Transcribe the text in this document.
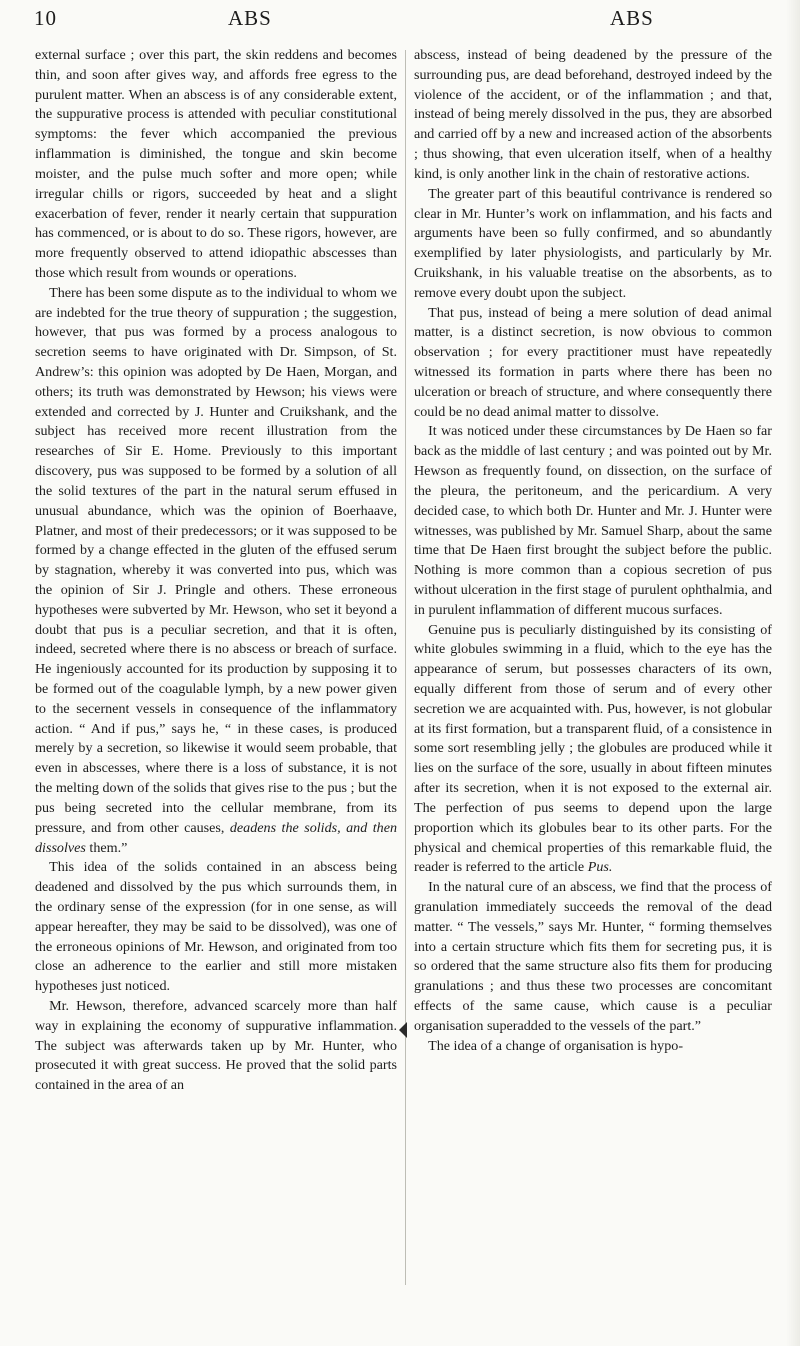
10	ABS	ABS

external surface ; over this part, the skin reddens and becomes thin, and soon after gives way, and affords free egress to the purulent matter. When an abscess is of any considerable extent, the suppurative process is attended with peculiar constitutional symptoms: the fever which accompanied the previous inflammation is diminished, the tongue and skin become moister, and the pulse much softer and more open; while irregular chills or rigors, succeeded by heat and a slight exacerbation of fever, render it nearly certain that suppuration has commenced, or is about to do so. These rigors, however, are more frequently observed to attend idiopathic abscesses than those which result from wounds or operations.

There has been some dispute as to the individual to whom we are indebted for the true theory of suppuration ; the suggestion, however, that pus was formed by a process analogous to secretion seems to have originated with Dr. Simpson, of St. Andrew’s: this opinion was adopted by De Haen, Morgan, and others; its truth was demonstrated by Hewson; his views were extended and corrected by J. Hunter and Cruikshank, and the subject has received more recent illustration from the researches of Sir E. Home. Previously to this important discovery, pus was supposed to be formed by a solution of all the solid textures of the part in the natural serum effused in unusual abundance, which was the opinion of Boerhaave, Platner, and most of their predecessors; or it was supposed to be formed by a change effected in the gluten of the effused serum by stagnation, whereby it was converted into pus, which was the opinion of Sir J. Pringle and others. These erroneous hypotheses were subverted by Mr. Hewson, who set it beyond a doubt that pus is a peculiar secretion, and that it is often, indeed, secreted where there is no abscess or breach of surface. He ingeniously accounted for its production by supposing it to be formed out of the coagulable lymph, by a new power given to the secernent vessels in consequence of the inflammatory action. “ And if pus,” says he, “ in these cases, is produced merely by a secretion, so likewise it would seem probable, that even in abscesses, where there is a loss of substance, it is not the melting down of the solids that gives rise to the pus ; but the pus being secreted into the cellular membrane, from its pressure, and from other causes, deadens the solids, and then dissolves them.”

This idea of the solids contained in an abscess being deadened and dissolved by the pus which surrounds them, in the ordinary sense of the expression (for in one sense, as will appear hereafter, they may be said to be dissolved), was one of the erroneous opinions of Mr. Hewson, and originated from too close an adherence to the earlier and still more mistaken hypotheses just noticed.

Mr. Hewson, therefore, advanced scarcely more than half way in explaining the economy of suppurative inflammation. The subject was afterwards taken up by Mr. Hunter, who prosecuted it with great success. He proved that the solid parts contained in the area of an

abscess, instead of being deadened by the pressure of the surrounding pus, are dead beforehand, destroyed indeed by the violence of the accident, or of the inflammation ; and that, instead of being merely dissolved in the pus, they are absorbed and carried off by a new and increased action of the absorbents ; thus showing, that even ulceration itself, when of a healthy kind, is only another link in the chain of restorative actions.

The greater part of this beautiful contrivance is rendered so clear in Mr. Hunter’s work on inflammation, and his facts and arguments have been so fully confirmed, and so abundantly exemplified by later physiologists, and particularly by Mr. Cruikshank, in his valuable treatise on the absorbents, as to remove every doubt upon the subject.

That pus, instead of being a mere solution of dead animal matter, is a distinct secretion, is now obvious to common observation ; for every practitioner must have repeatedly witnessed its formation in parts where there has been no ulceration or breach of structure, and where consequently there could be no dead animal matter to dissolve.

It was noticed under these circumstances by De Haen so far back as the middle of last century ; and was pointed out by Mr. Hewson as frequently found, on dissection, on the surface of the pleura, the peritoneum, and the pericardium. A very decided case, to which both Dr. Hunter and Mr. J. Hunter were witnesses, was published by Mr. Samuel Sharp, about the same time that De Haen first brought the subject before the public. Nothing is more common than a copious secretion of pus without ulceration in the first stage of purulent ophthalmia, and in purulent inflammation of different mucous surfaces.

Genuine pus is peculiarly distinguished by its consisting of white globules swimming in a fluid, which to the eye has the appearance of serum, but possesses characters of its own, equally different from those of serum and of every other secretion we are acquainted with. Pus, however, is not globular at its first formation, but a transparent fluid, of a consistence in some sort resembling jelly ; the globules are produced while it lies on the surface of the sore, usually in about fifteen minutes after its secretion, when it is not exposed to the external air. The perfection of pus seems to depend upon the large proportion which its globules bear to its other parts. For the physical and chemical properties of this remarkable fluid, the reader is referred to the article Pus.

In the natural cure of an abscess, we find that the process of granulation immediately succeeds the removal of the dead matter. “ The vessels,” says Mr. Hunter, “ forming themselves into a certain structure which fits them for secreting pus, it is so ordered that the same structure also fits them for producing granulations ; and thus these two processes are concomitant effects of the same cause, which cause is a peculiar organisation superadded to the vessels of the part.”

The idea of a change of organisation is hypo-
